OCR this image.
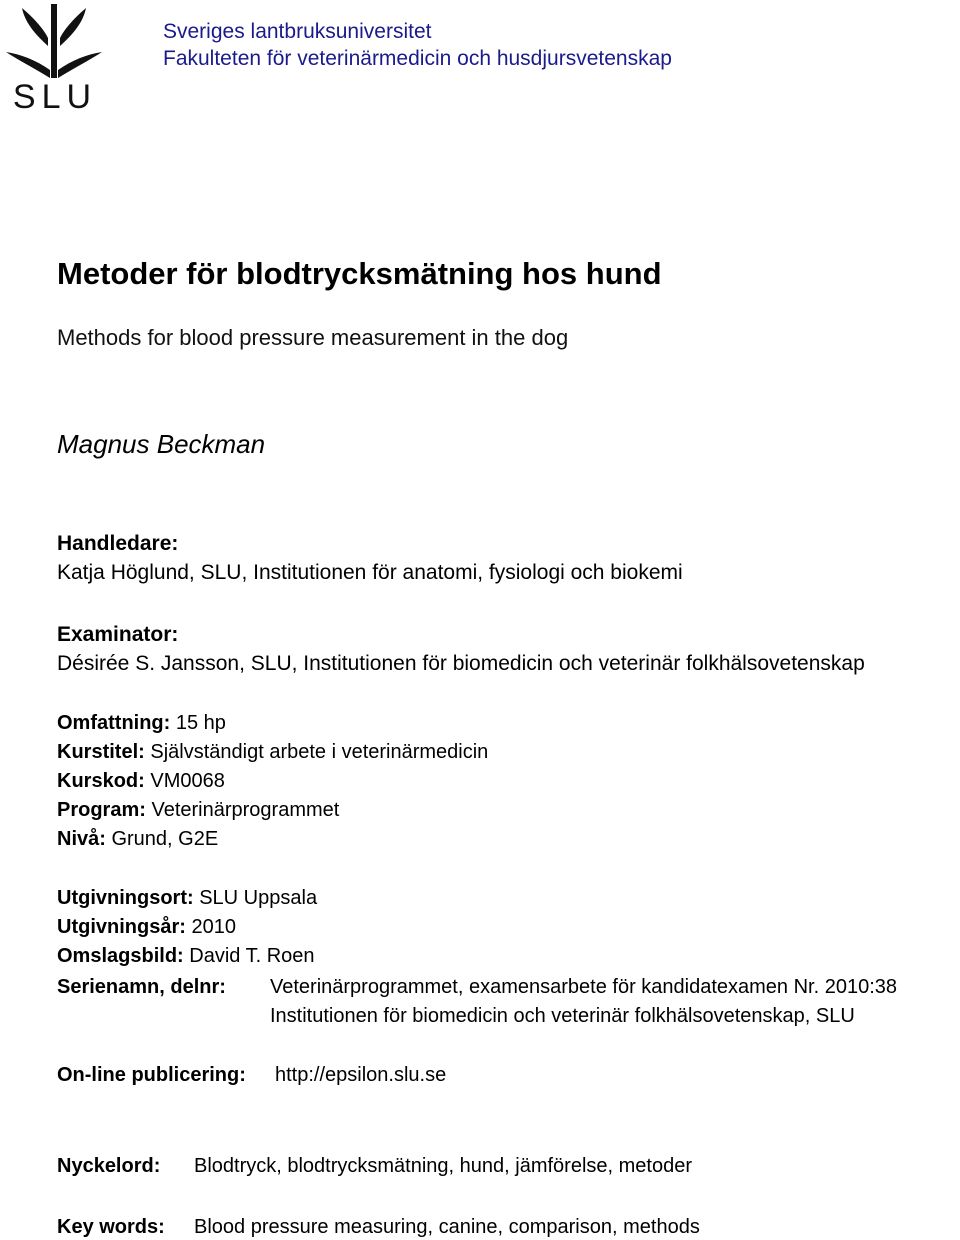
SLU
Sveriges lantbruksuniversitet
Fakulteten för veterinärmedicin och husdjursvetenskap
Metoder för blodtrycksmätning hos hund
Methods for blood pressure measurement in the dog
Magnus Beckman
Handledare:
Katja Höglund, SLU, Institutionen för anatomi, fysiologi och biokemi
Examinator:
Désirée S. Jansson, SLU, Institutionen för biomedicin och veterinär folkhälsovetenskap
Omfattning: 15 hp
Kurstitel: Självständigt arbete i veterinärmedicin
Kurskod: VM0068
Program: Veterinärprogrammet
Nivå: Grund, G2E
Utgivningsort: SLU Uppsala
Utgivningsår: 2010
Omslagsbild: David T. Roen
Serienamn, delnr: Veterinärprogrammet, examensarbete för kandidatexamen Nr. 2010:38
Institutionen för biomedicin och veterinär folkhälsovetenskap, SLU
On-line publicering: http://epsilon.slu.se
Nyckelord: Blodtryck, blodtrycksmätning, hund, jämförelse, metoder
Key words: Blood pressure measuring, canine, comparison, methods
